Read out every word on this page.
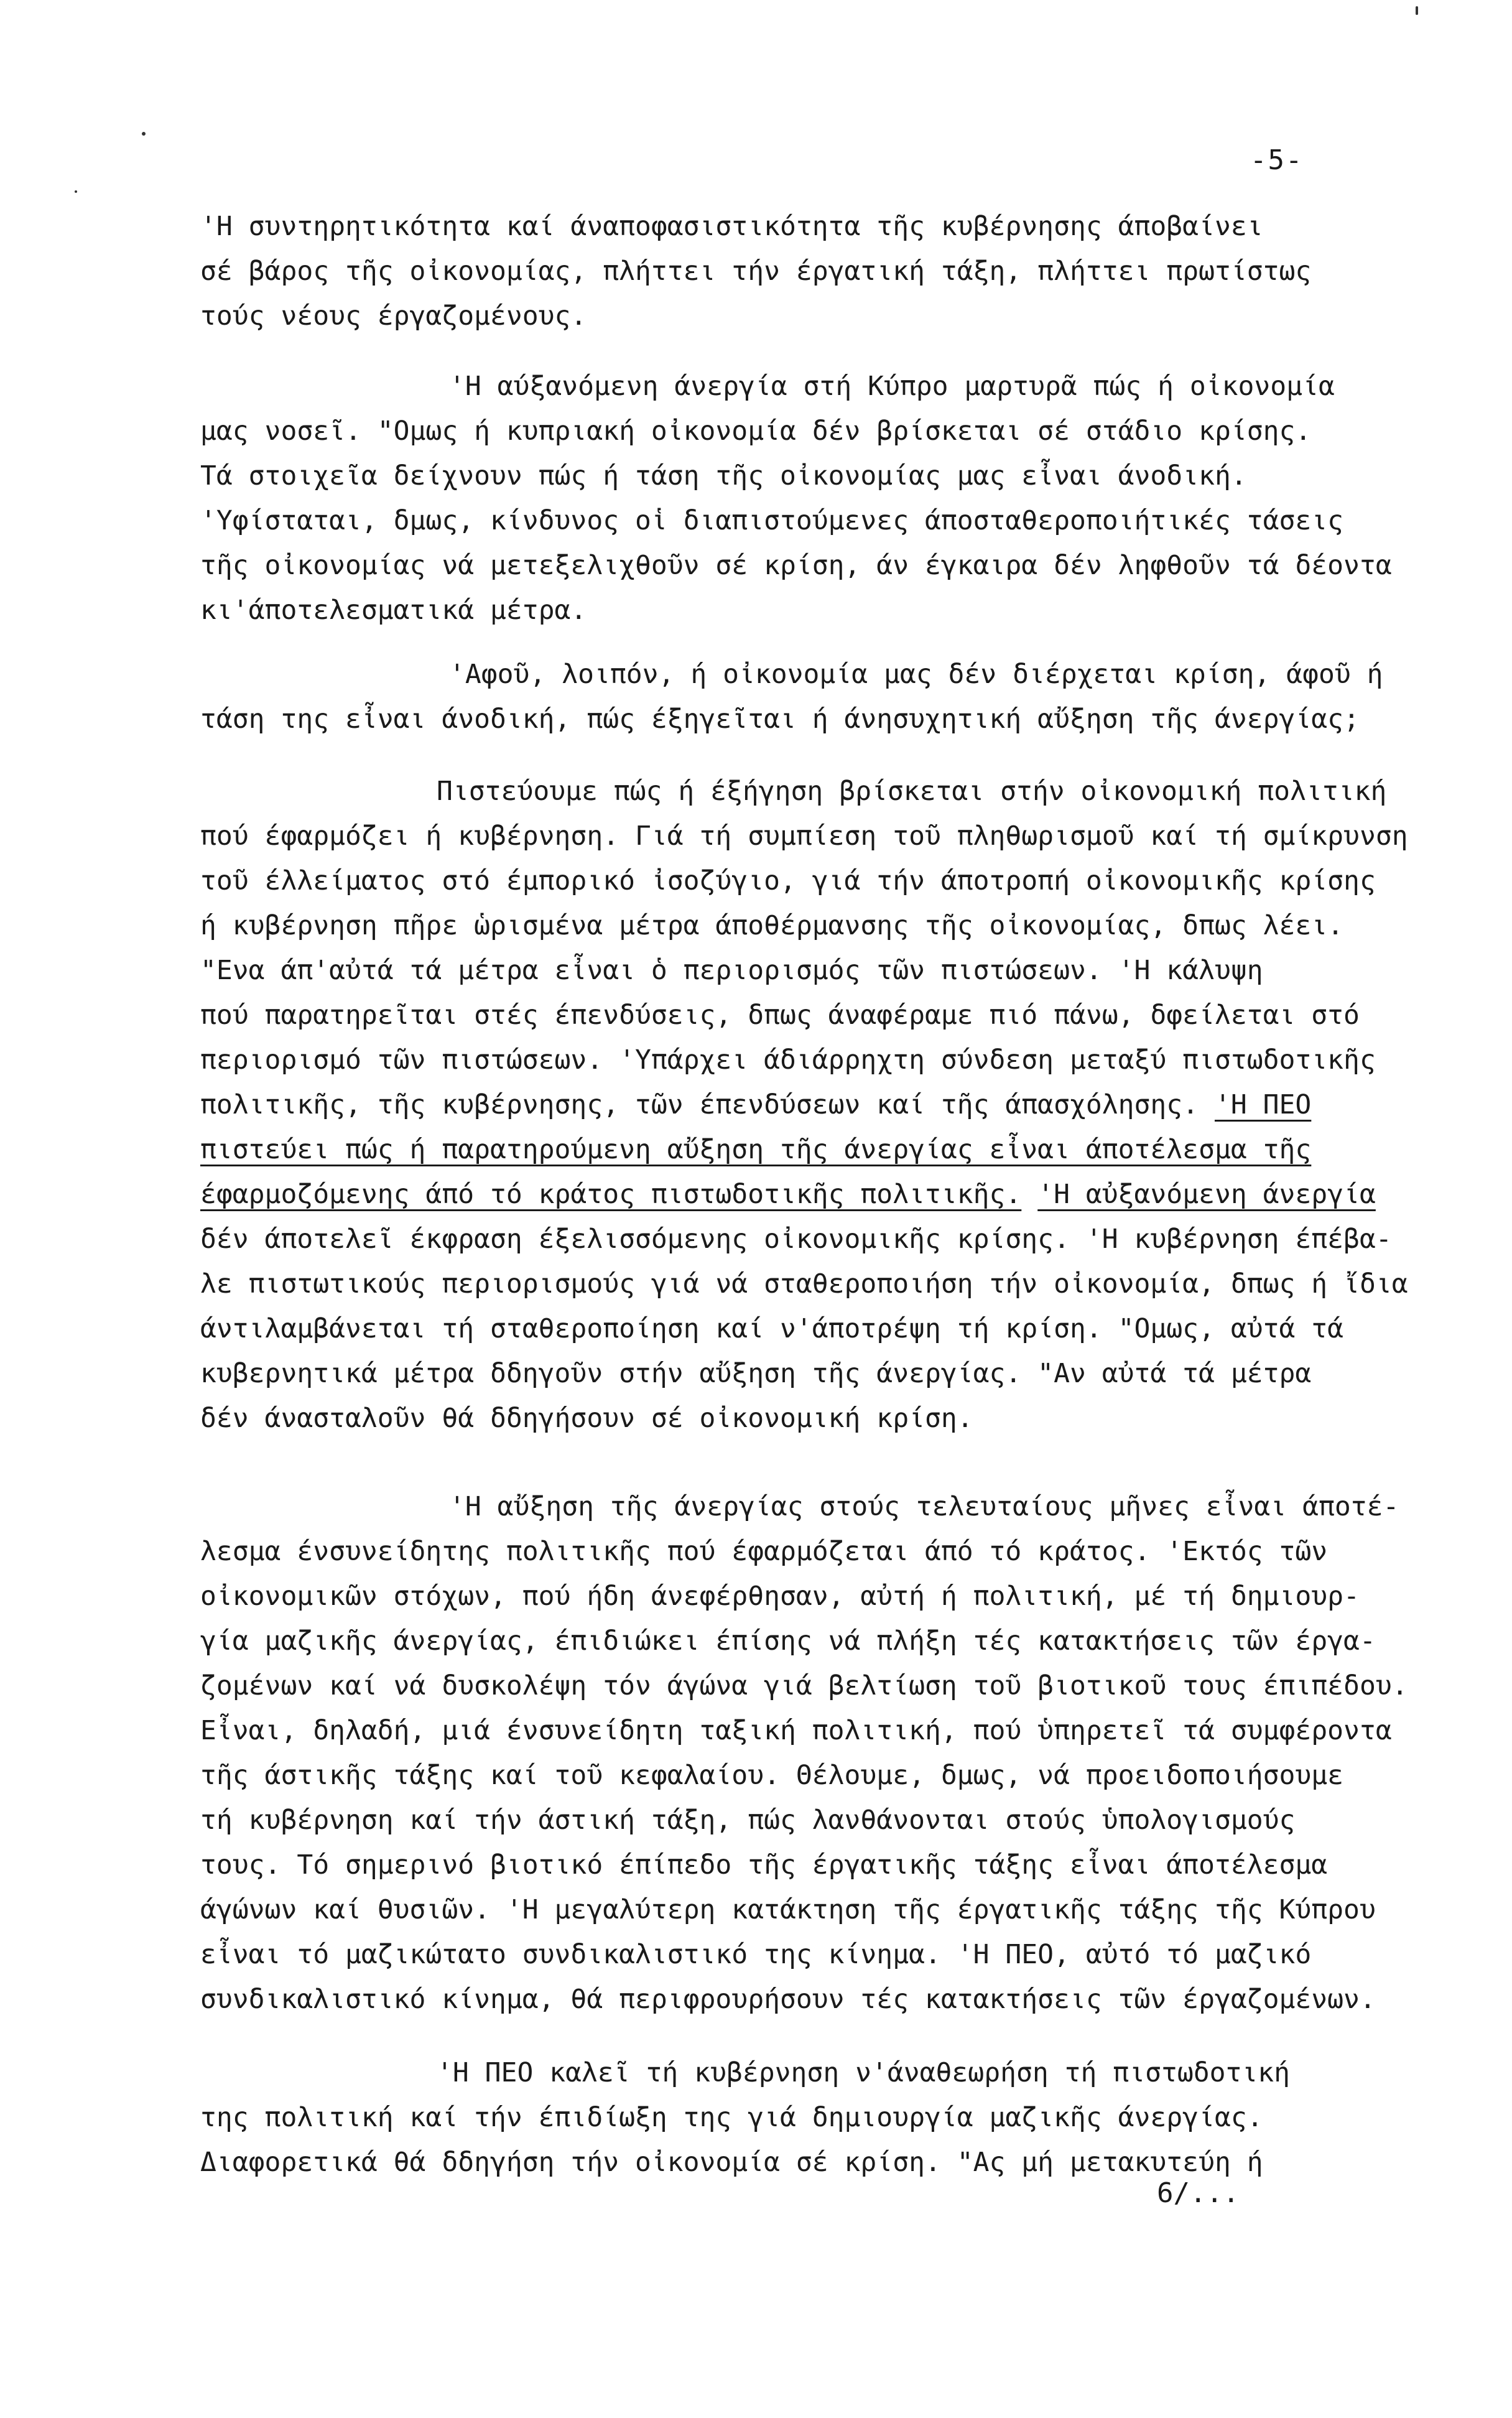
-5-
'Η συντηρητικότητα καί άναποφασιστικότητα τῆς κυβέρνησης άποβαίνει
σέ βάρος τῆς οἰκονομίας, πλήττει τήν έργατική τάξη, πλήττει πρωτίστως
τούς νέους έργαζομένους.
'Η αύξανόμενη άνεργία στή Κύπρο μαρτυρᾶ πώς ή οἰκονομία
μας νοσεῖ. "Ομως ή κυπριακή οἰκονομία δέν βρίσκεται σέ στάδιο κρίσης.
Τά στοιχεῖα δείχνουν πώς ή τάση τῆς οἰκονομίας μας εἶναι άνοδική.
'Υφίσταται, δμως, κίνδυνος οἱ διαπιστούμενες άποσταθεροποιήτικές τάσεις
τῆς οἰκονομίας νά μετεξελιχθοῦν σέ κρίση, άν έγκαιρα δέν ληφθοῦν τά δέοντα
κι'άποτελεσματικά μέτρα.
'Αφοῦ, λοιπόν, ή οἰκονομία μας δέν διέρχεται κρίση, άφοῦ ή
τάση της εἶναι άνοδική, πώς έξηγεῖται ή άνησυχητική αὔξηση τῆς άνεργίας;
Πιστεύουμε πώς ή έξήγηση βρίσκεται στήν οἰκονομική πολιτική
πού έφαρμόζει ή κυβέρνηση. Γιά τή συμπίεση τοῦ πληθωρισμοῦ καί τή σμίκρυνση
τοῦ έλλείματος στό έμπορικό ἰσοζύγιο, γιά τήν άποτροπή οἰκονομικῆς κρίσης
ή κυβέρνηση πῆρε ὡρισμένα μέτρα άποθέρμανσης τῆς οἰκονομίας, δπως λέει.
"Ενα άπ'αὐτά τά μέτρα εἶναι ὁ περιορισμός τῶν πιστώσεων. 'Η κάλυψη
πού παρατηρεῖται στές έπενδύσεις, δπως άναφέραμε πιό πάνω, δφείλεται στό
περιορισμό τῶν πιστώσεων. 'Υπάρχει άδιάρρηχτη σύνδεση μεταξύ πιστωδοτικῆς
πολιτικῆς, τῆς κυβέρνησης, τῶν έπενδύσεων καί τῆς άπασχόλησης. 'Η ΠΕΟ
πιστεύει πώς ή παρατηρούμενη αὔξηση τῆς άνεργίας εἶναι άποτέλεσμα τῆς
έφαρμοζόμενης άπό τό κράτος πιστωδοτικῆς πολιτικῆς. 'Η αὐξανόμενη άνεργία
δέν άποτελεῖ έκφραση έξελισσόμενης οἰκονομικῆς κρίσης. 'Η κυβέρνηση έπέβα-
λε πιστωτικούς περιορισμούς γιά νά σταθεροποιήση τήν οἰκονομία, δπως ή ἴδια
άντιλαμβάνεται τή σταθεροποίηση καί ν'άποτρέψη τή κρίση. "Ομως, αὐτά τά
κυβερνητικά μέτρα δδηγοῦν στήν αὔξηση τῆς άνεργίας. "Αν αὐτά τά μέτρα
δέν άνασταλοῦν θά δδηγήσουν σέ οἰκονομική κρίση.
'Η αὔξηση τῆς άνεργίας στούς τελευταίους μῆνες εἶναι άποτέ-
λεσμα ένσυνείδητης πολιτικῆς πού έφαρμόζεται άπό τό κράτος. 'Εκτός τῶν
οἰκονομικῶν στόχων, πού ήδη άνεφέρθησαν, αὐτή ή πολιτική, μέ τή δημιουρ-
γία μαζικῆς άνεργίας, έπιδιώκει έπίσης νά πλήξη τές κατακτήσεις τῶν έργα-
ζομένων καί νά δυσκολέψη τόν άγώνα γιά βελτίωση τοῦ βιοτικοῦ τους έπιπέδου.
Εἶναι, δηλαδή, μιά ένσυνείδητη ταξική πολιτική, πού ὑπηρετεῖ τά συμφέροντα
τῆς άστικῆς τάξης καί τοῦ κεφαλαίου. Θέλουμε, δμως, νά προειδοποιήσουμε
τή κυβέρνηση καί τήν άστική τάξη, πώς λανθάνονται στούς ὑπολογισμούς
τους. Τό σημερινό βιοτικό έπίπεδο τῆς έργατικῆς τάξης εἶναι άποτέλεσμα
άγώνων καί θυσιῶν. 'Η μεγαλύτερη κατάκτηση τῆς έργατικῆς τάξης τῆς Κύπρου
εἶναι τό μαζικώτατο συνδικαλιστικό της κίνημα. 'Η ΠΕΟ, αὐτό τό μαζικό
συνδικαλιστικό κίνημα, θά περιφρουρήσουν τές κατακτήσεις τῶν έργαζομένων.
'Η ΠΕΟ καλεῖ τή κυβέρνηση ν'άναθεωρήση τή πιστωδοτική
της πολιτική καί τήν έπιδίωξη της γιά δημιουργία μαζικῆς άνεργίας.
Διαφορετικά θά δδηγήση τήν οἰκονομία σέ κρίση. "Ας μή μετακυτεύη ή
6/...
